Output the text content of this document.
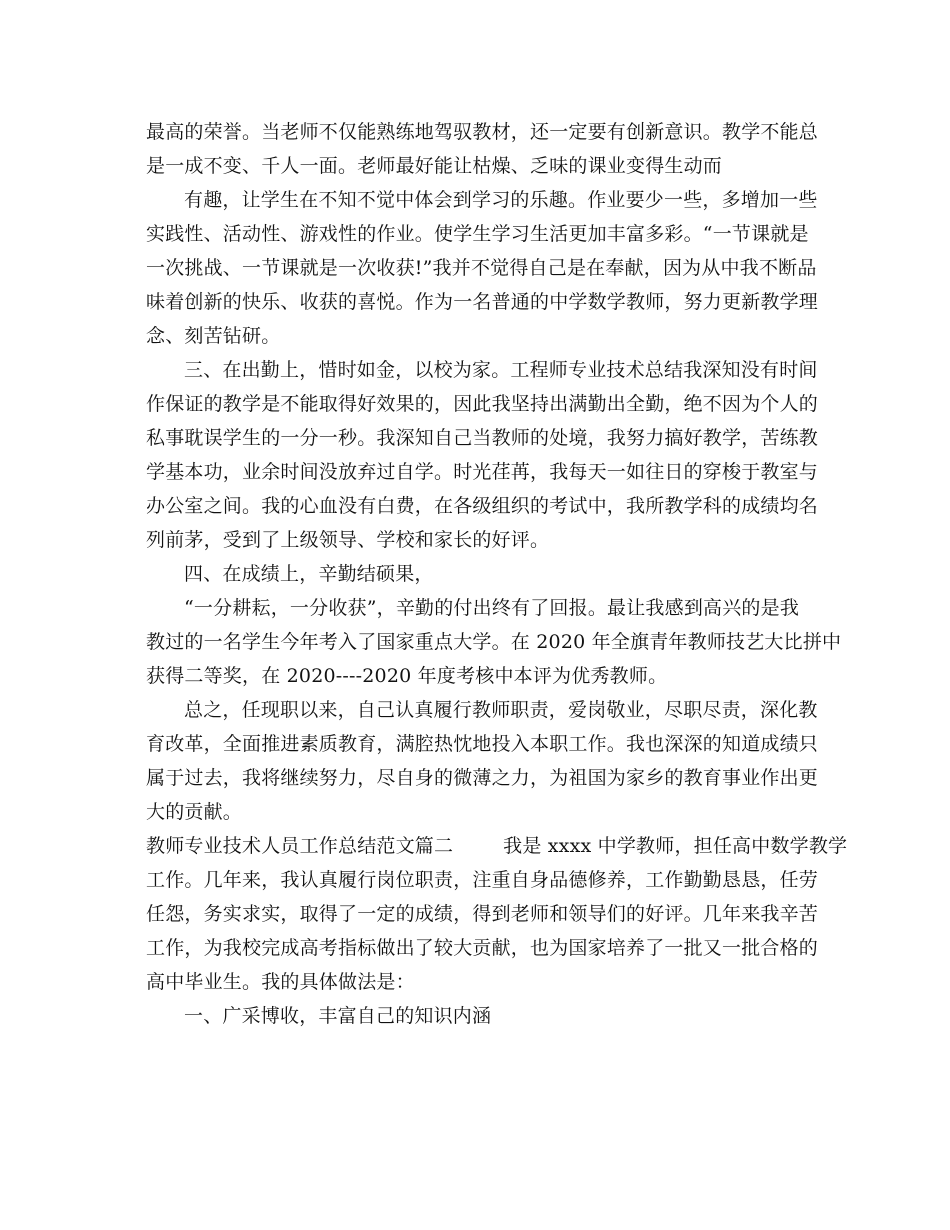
最高的荣誉。当老师不仅能熟练地驾驭教材，还一定要有创新意识。教学不能总
是一成不变、千人一面。老师最好能让枯燥、乏味的课业变得生动而
有趣，让学生在不知不觉中体会到学习的乐趣。作业要少一些，多增加一些
实践性、活动性、游戏性的作业。使学生学习生活更加丰富多彩。“一节课就是
一次挑战、一节课就是一次收获!”我并不觉得自己是在奉献，因为从中我不断品
味着创新的快乐、收获的喜悦。作为一名普通的中学数学教师，努力更新教学理
念、刻苦钻研。
三、在出勤上，惜时如金，以校为家。工程师专业技术总结我深知没有时间
作保证的教学是不能取得好效果的，因此我坚持出满勤出全勤，绝不因为个人的
私事耽误学生的一分一秒。我深知自己当教师的处境，我努力搞好教学，苦练教
学基本功，业余时间没放弃过自学。时光荏苒，我每天一如往日的穿梭于教室与
办公室之间。我的心血没有白费，在各级组织的考试中，我所教学科的成绩均名
列前茅，受到了上级领导、学校和家长的好评。
四、在成绩上，辛勤结硕果，
“一分耕耘，一分收获”，辛勤的付出终有了回报。最让我感到高兴的是我
教过的一名学生今年考入了国家重点大学。在 2020 年全旗青年教师技艺大比拼中
获得二等奖，在 2020----2020 年度考核中本评为优秀教师。
总之，任现职以来，自己认真履行教师职责，爱岗敬业，尽职尽责，深化教
育改革，全面推进素质教育，满腔热忱地投入本职工作。我也深深的知道成绩只
属于过去，我将继续努力，尽自身的微薄之力，为祖国为家乡的教育事业作出更
大的贡献。
教师专业技术人员工作总结范文篇二        我是 xxxx 中学教师，担任高中数学教学
工作。几年来，我认真履行岗位职责，注重自身品德修养，工作勤勤恳恳，任劳
任怨，务实求实，取得了一定的成绩，得到老师和领导们的好评。几年来我辛苦
工作，为我校完成高考指标做出了较大贡献，也为国家培养了一批又一批合格的
高中毕业生。我的具体做法是：
一、广采博收，丰富自己的知识内涵
